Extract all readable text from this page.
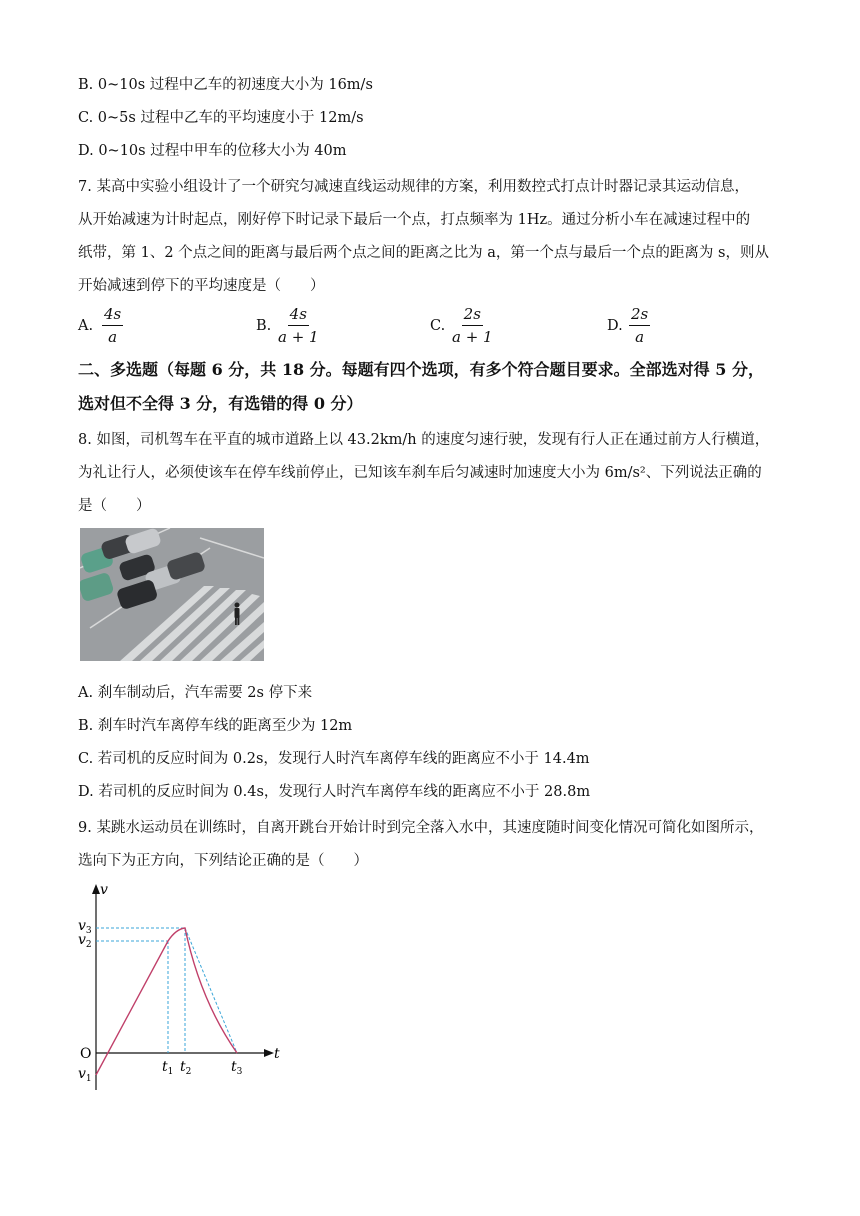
B. 0~10s 过程中乙车的初速度大小为 16m/s
C. 0~5s 过程中乙车的平均速度小于 12m/s
D. 0~10s 过程中甲车的位移大小为 40m
7. 某高中实验小组设计了一个研究匀减速直线运动规律的方案，利用数控式打点计时器记录其运动信息，
从开始减速为计时起点，刚好停下时记录下最后一个点，打点频率为 1Hz。通过分析小车在减速过程中的
纸带，第 1、2 个点之间的距离与最后两个点之间的距离之比为 a，第一个点与最后一个点的距离为 s，则从
开始减速到停下的平均速度是（　　）
A. $\frac{4s}{a}$	B. $\frac{4s}{a + 1}$	C. $\frac{2s}{a + 1}$	D. $\frac{2s}{a}$
二、多选题（每题 6 分，共 18 分。每题有四个选项，有多个符合题目要求。全部选对得 5 分，
选对但不全得 3 分，有选错的得 0 分）
8. 如图，司机驾车在平直的城市道路上以 43.2km/h 的速度匀速行驶，发现有行人正在通过前方人行横道，
为礼让行人，必须使该车在停车线前停止，已知该车刹车后匀减速时加速度大小为 6m/s²、下列说法正确的
是（　　）
A. 刹车制动后，汽车需要 2s 停下来
B. 刹车时汽车离停车线的距离至少为 12m
C. 若司机的反应时间为 0.2s，发现行人时汽车离停车线的距离应不小于 14.4m
D. 若司机的反应时间为 0.4s，发现行人时汽车离停车线的距离应不小于 28.8m
9. 某跳水运动员在训练时，自离开跳台开始计时到完全落入水中，其速度随时间变化情况可简化如图所示，
选向下为正方向，下列结论正确的是（　　）
v
t
O
$v_3$
$v_2$
$v_1$
$t_1$ $t_2$	$t_3$
